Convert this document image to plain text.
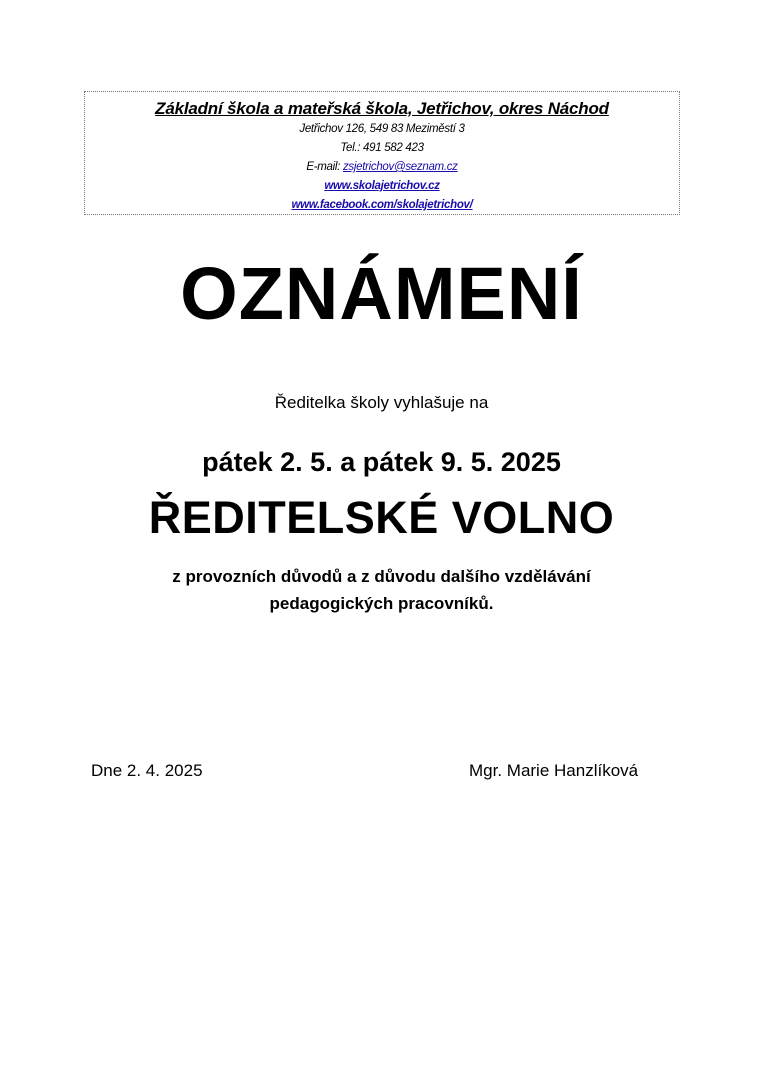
Základní škola a mateřská škola, Jetřichov, okres Náchod
Jetřichov 126, 549 83 Meziměstí 3
Tel.: 491 582 423
E-mail: zsjetrichov@seznam.cz
www.skolajetrichov.cz
www.facebook.com/skolajetrichov/
OZNÁMENÍ
Ředitelka školy vyhlašuje na
pátek 2. 5. a pátek 9. 5. 2025
ŘEDITELSKÉ VOLNO
z provozních důvodů a z důvodu dalšího vzdělávání
pedagogických pracovníků.
Dne 2. 4. 2025	Mgr. Marie Hanzlíková
